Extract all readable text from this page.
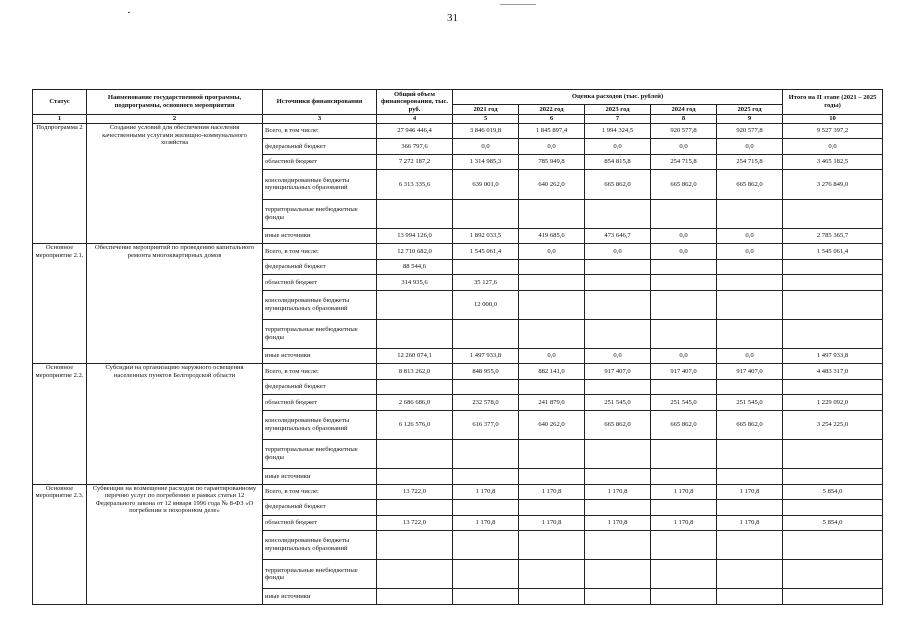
31
Статус	Наименование государственной программы, подпрограммы, основного мероприятия	Источники финансирования	Общий объем финансирования, тыс. руб.	Оценка расходов (тыс. рублей)					Итого на II этапе (2021 – 2025 годы)
				2021 год	2022 год	2023 год	2024 год	2025 год	
1	2	3	4	5	6	7	8	9	10
Подпрограмма 2	Создание условий для обеспечения населения качественными услугами жилищно-коммунального хозяйства	Всего, в том числе:	27 946 446,4	3 846 019,8	1 845 897,4	1 994 324,5	920 577,8	920 577,8	9 527 397,2
		федеральный бюджет	366 797,6	0,0	0,0	0,0	0,0	0,0	0,0
		областной бюджет	7 272 187,2	1 314 985,3	785 949,8	854 815,8	254 715,8	254 715,8	3 465 182,5
		консолидированные бюджеты муниципальных образований	6 313 335,6	639 001,0	640 262,0	665 862,0	665 862,0	665 862,0	3 276 849,0
		территориальные внебюджетные фонды							
		иные источники	13 994 126,0	1 892 033,5	419 685,6	473 646,7	0,0	0,0	2 785 365,7
Основное мероприятие 2.1.	Обеспечение мероприятий по проведению капитального ремонта многоквартирных домов	Всего, в том числе:	12 710 682,0	1 545 061,4	0,0	0,0	0,0	0,0	1 545 061,4
		федеральный бюджет	88 544,6						
		областной бюджет	314 935,6	35 127,6					
		консолидированные бюджеты муниципальных образований		12 000,0					
		территориальные внебюджетные фонды							
		иные источники	12 260 074,1	1 497 933,8	0,0	0,0	0,0	0,0	1 497 933,8
Основное мероприятие 2.2.	Субсидии на организацию наружного освещения населенных пунктов Белгородской области	Всего, в том числе:	8 813 262,0	848 955,0	882 141,0	917 407,0	917 407,0	917 407,0	4 483 317,0
		федеральный бюджет							
		областной бюджет	2 686 686,0	232 578,0	241 879,0	251 545,0	251 545,0	251 545,0	1 229 092,0
		консолидированные бюджеты муниципальных образований	6 126 576,0	616 377,0	640 262,0	665 862,0	665 862,0	665 862,0	3 254 225,0
		территориальные внебюджетные фонды							
		иные источники							
Основное мероприятие 2.3.	Субвенции на возмещение расходов по гарантированному перечню услуг по погребению в рамках статьи 12 Федерального закона от 12 января 1996 года № 8-ФЗ «О погребении и похоронном деле»	Всего, в том числе:	13 722,0	1 170,8	1 170,8	1 170,8	1 170,8	1 170,8	5 854,0
		федеральный бюджет							
		областной бюджет	13 722,0	1 170,8	1 170,8	1 170,8	1 170,8	1 170,8	5 854,0
		консолидированные бюджеты муниципальных образований							
		территориальные внебюджетные фонды							
		иные источники							
